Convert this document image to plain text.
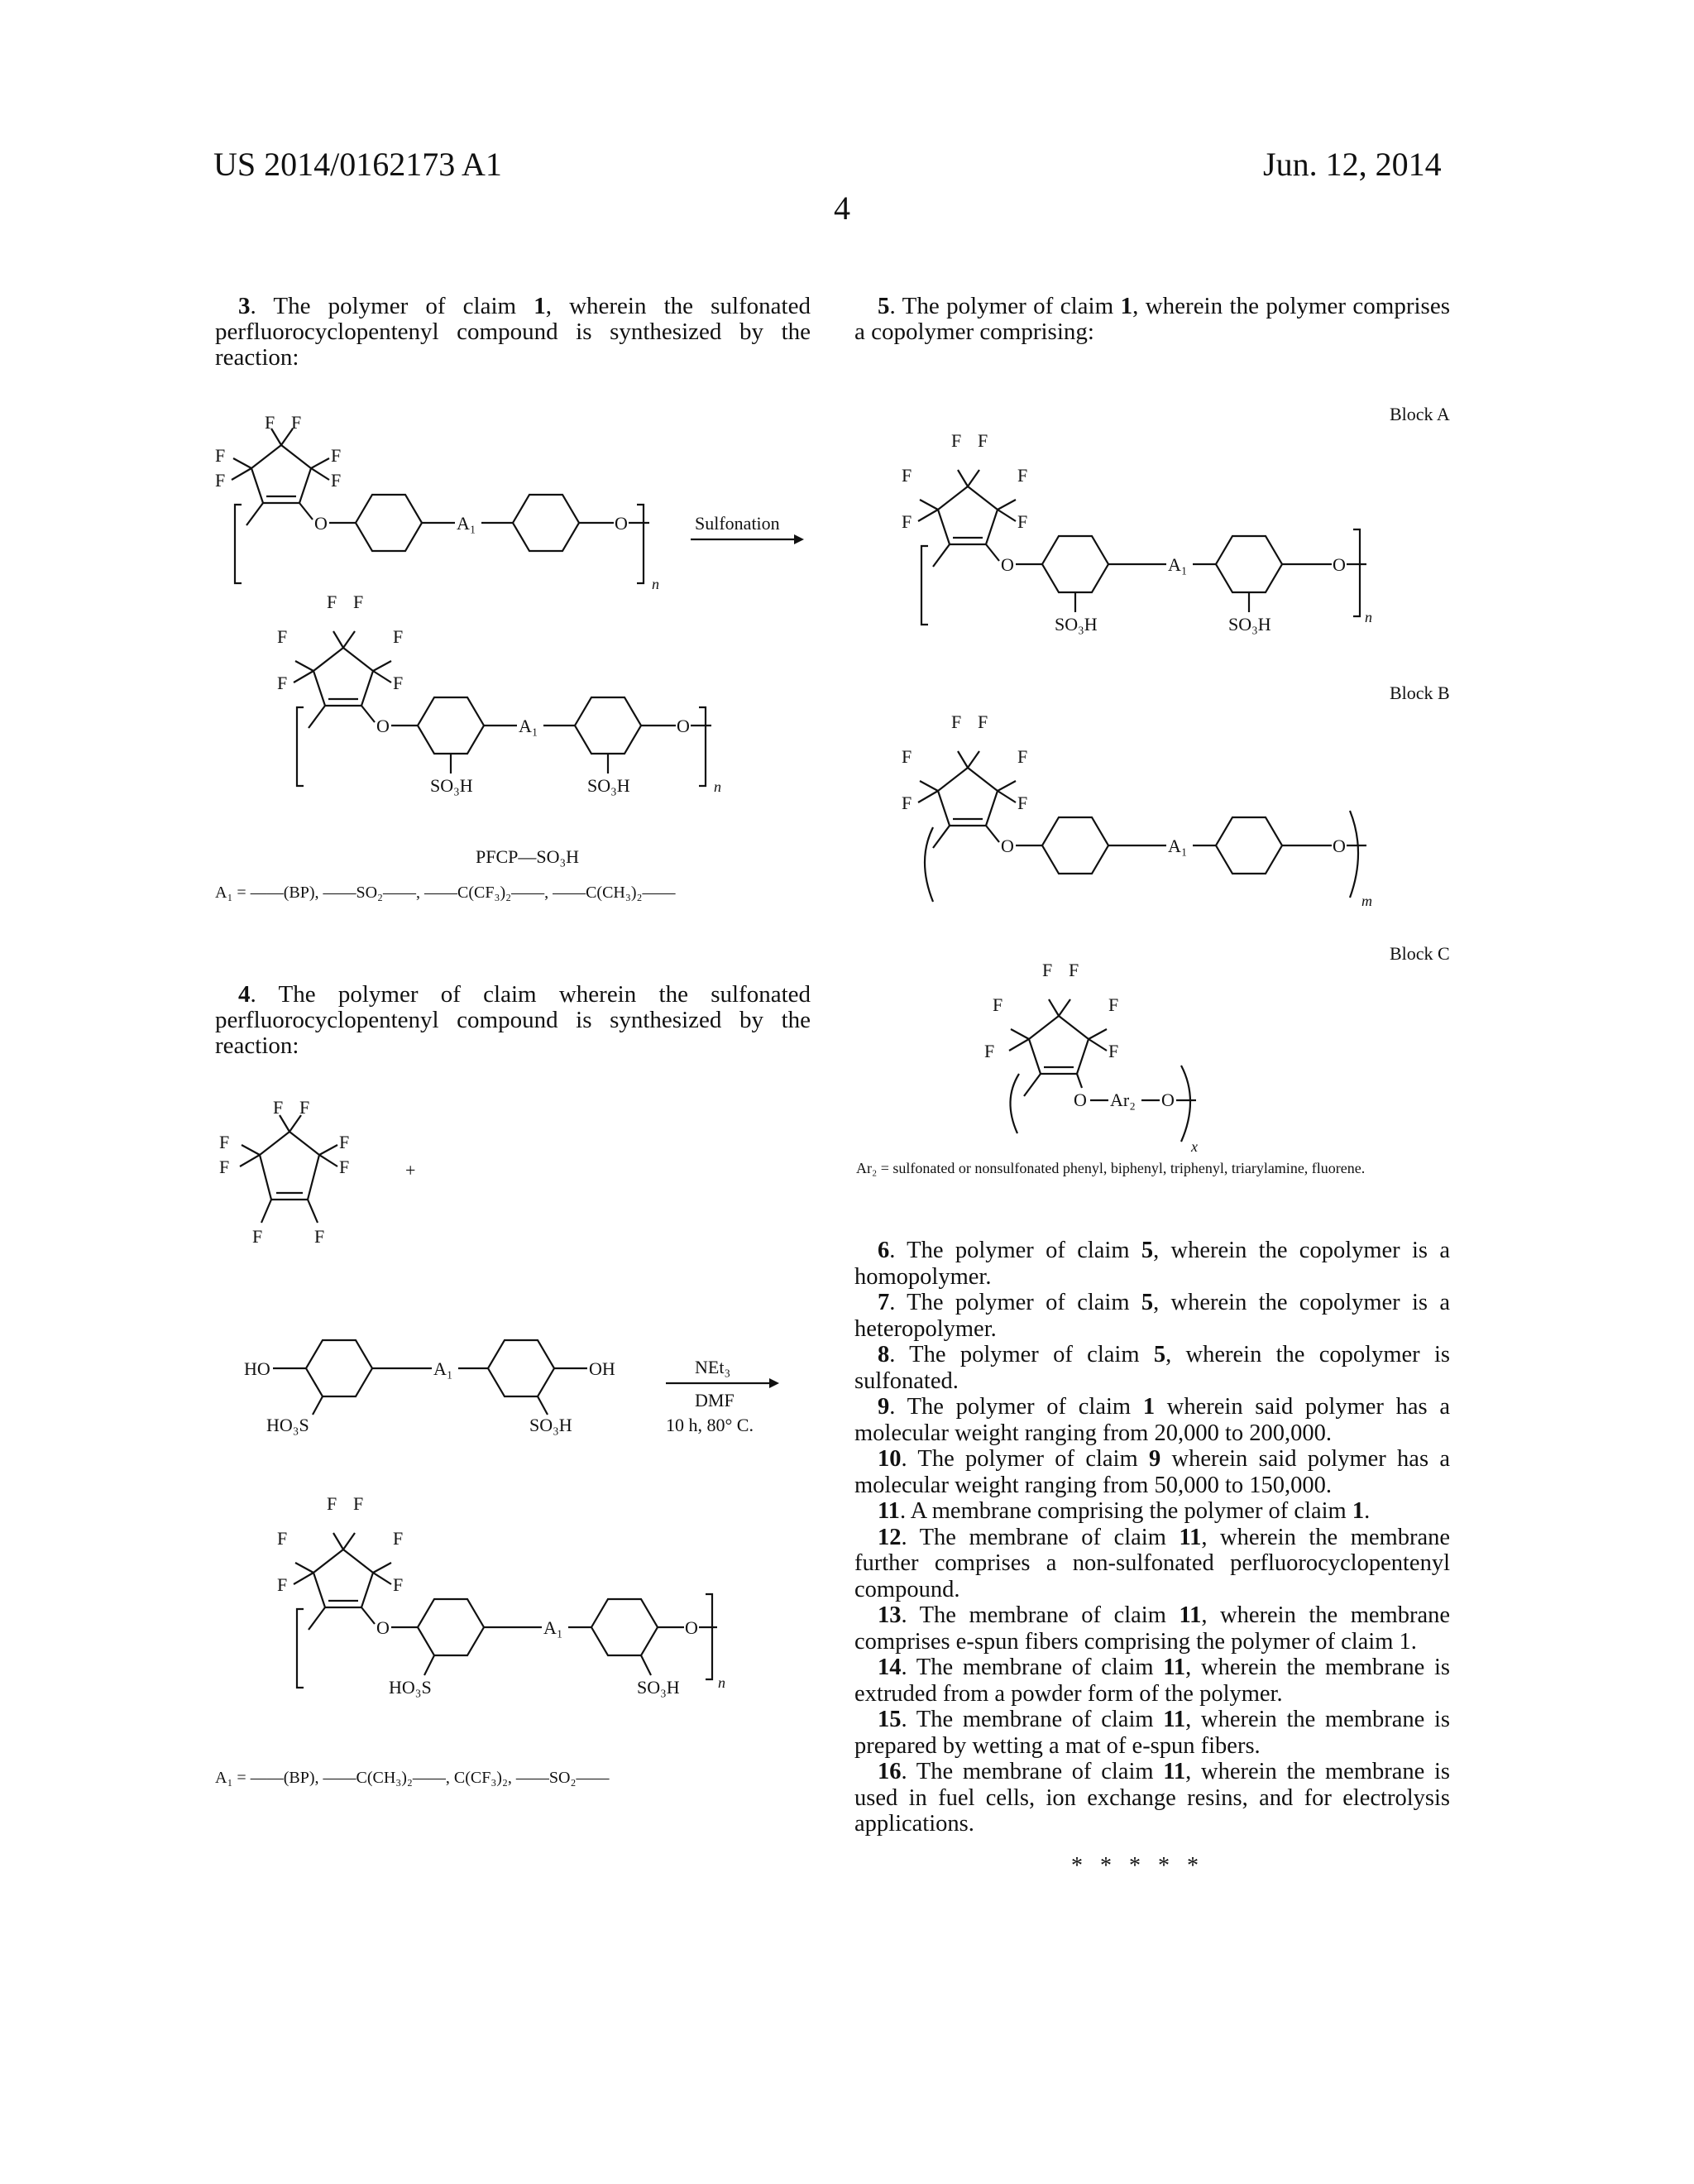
US 2014/0162173 A1
4
Jun. 12, 2014
3. The polymer of claim 1, wherein the sulfonated perfluorocyclopentenyl compound is synthesized by the reaction:
5. The polymer of claim 1, wherein the polymer comprises a copolymer comprising:
F F
F
F
F
F
O	A₁	O
n
Sulfonation
F F
F
F
F
F
O
SO₃H
A₁
SO₃H
O
n
PFCP—SO₃H
A₁ = ——(BP), ——SO₂——, ——C(CF₃)₂——, ——C(CH₃)₂——
4. The polymer of claim wherein the sulfonated perfluorocyclopentenyl compound is synthesized by the reaction:
F F
F
F
F
F
F	F
+
HO
HO₃S
A₁	OH
SO₃H
NEt₃
DMF
10 h, 80° C.
F F
F
F
F
F
O
HO₃S
A₁
SO₃H
O
n
A₁ = ——(BP), ——C(CH₃)₂——, C(CF₃)₂, ——SO₂——
Block A
F F
F
F
F
F
O
SO₃H
A₁
SO₃H
O
n
Block B
F F
F
F
F
F
O	A₁	O
m
Block C
F F
F
F
F
F
O Ar₂ O
x
Ar₂ = sulfonated or nonsulfonated phenyl, biphenyl, triphenyl, triarylamine, fluorene.

6. The polymer of claim 5, wherein the copolymer is a homopolymer.

7. The polymer of claim 5, wherein the copolymer is a heteropolymer.

8. The polymer of claim 5, wherein the copolymer is sulfonated.

9. The polymer of claim 1 wherein said polymer has a molecular weight ranging from 20,000 to 200,000.

10. The polymer of claim 9 wherein said polymer has a molecular weight ranging from 50,000 to 150,000.

11. A membrane comprising the polymer of claim 1.

12. The membrane of claim 11, wherein the membrane further comprises a non-sulfonated perfluorocyclopentenyl compound.

13. The membrane of claim 11, wherein the membrane comprises e-spun fibers comprising the polymer of claim 1.

14. The membrane of claim 11, wherein the membrane is extruded from a powder form of the polymer.

15. The membrane of claim 11, wherein the membrane is prepared by wetting a mat of e-spun fibers.

16. The membrane of claim 11, wherein the membrane is used in fuel cells, ion exchange resins, and for electrolysis applications.

*   *   *   *   *
